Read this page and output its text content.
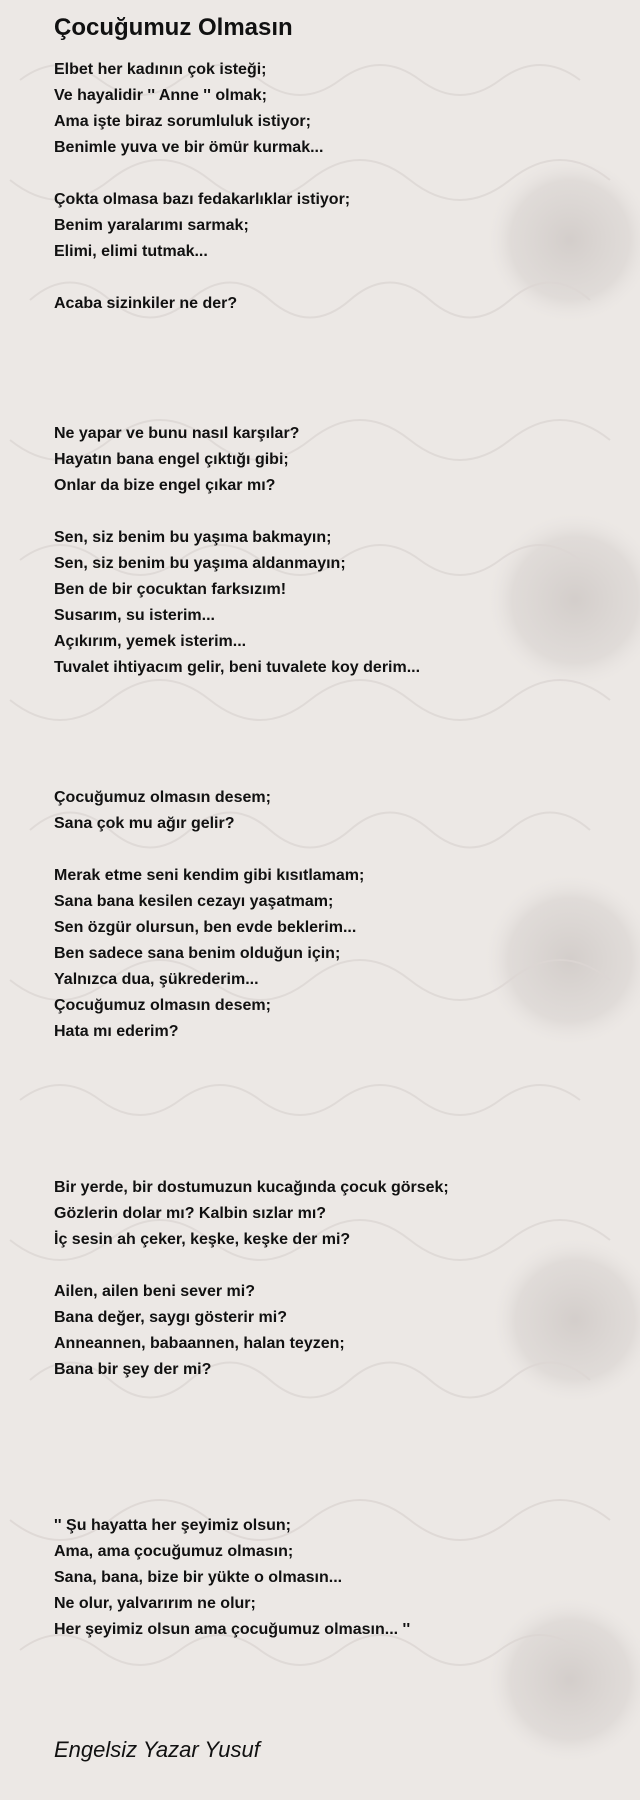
Çocuğumuz Olmasın
Elbet her kadının çok isteği;
Ve hayalidir '' Anne '' olmak;
Ama işte biraz sorumluluk istiyor;
Benimle yuva ve bir ömür kurmak...
Çokta olmasa bazı fedakarlıklar istiyor;
Benim yaralarımı sarmak;
Elimi, elimi tutmak...
Acaba sizinkiler ne der?
Ne yapar ve bunu nasıl karşılar?
Hayatın bana engel çıktığı gibi;
Onlar da bize engel çıkar mı?
Sen, siz benim bu yaşıma bakmayın;
Sen, siz benim bu yaşıma aldanmayın;
Ben de bir çocuktan farksızım!
Susarım, su isterim...
Açıkırım, yemek isterim...
Tuvalet ihtiyacım gelir, beni tuvalete koy derim...
Çocuğumuz olmasın desem;
Sana çok mu ağır gelir?
Merak etme seni kendim gibi kısıtlamam;
Sana bana kesilen cezayı yaşatmam;
Sen özgür olursun, ben evde beklerim...
Ben sadece sana benim olduğun için;
Yalnızca dua, şükrederim...
Çocuğumuz olmasın desem;
Hata mı ederim?
Bir yerde, bir dostumuzun kucağında çocuk görsek;
Gözlerin dolar mı? Kalbin sızlar mı?
İç sesin ah çeker, keşke, keşke der mi?
Ailen, ailen beni sever mi?
Bana değer, saygı gösterir mi?
Anneannen, babaannen, halan teyzen;
Bana bir şey der mi?
'' Şu hayatta her şeyimiz olsun;
Ama, ama çocuğumuz olmasın;
Sana, bana, bize bir yükte o olmasın...
Ne olur, yalvarırım ne olur;
Her şeyimiz olsun ama çocuğumuz olmasın... ''
Engelsiz Yazar Yusuf
